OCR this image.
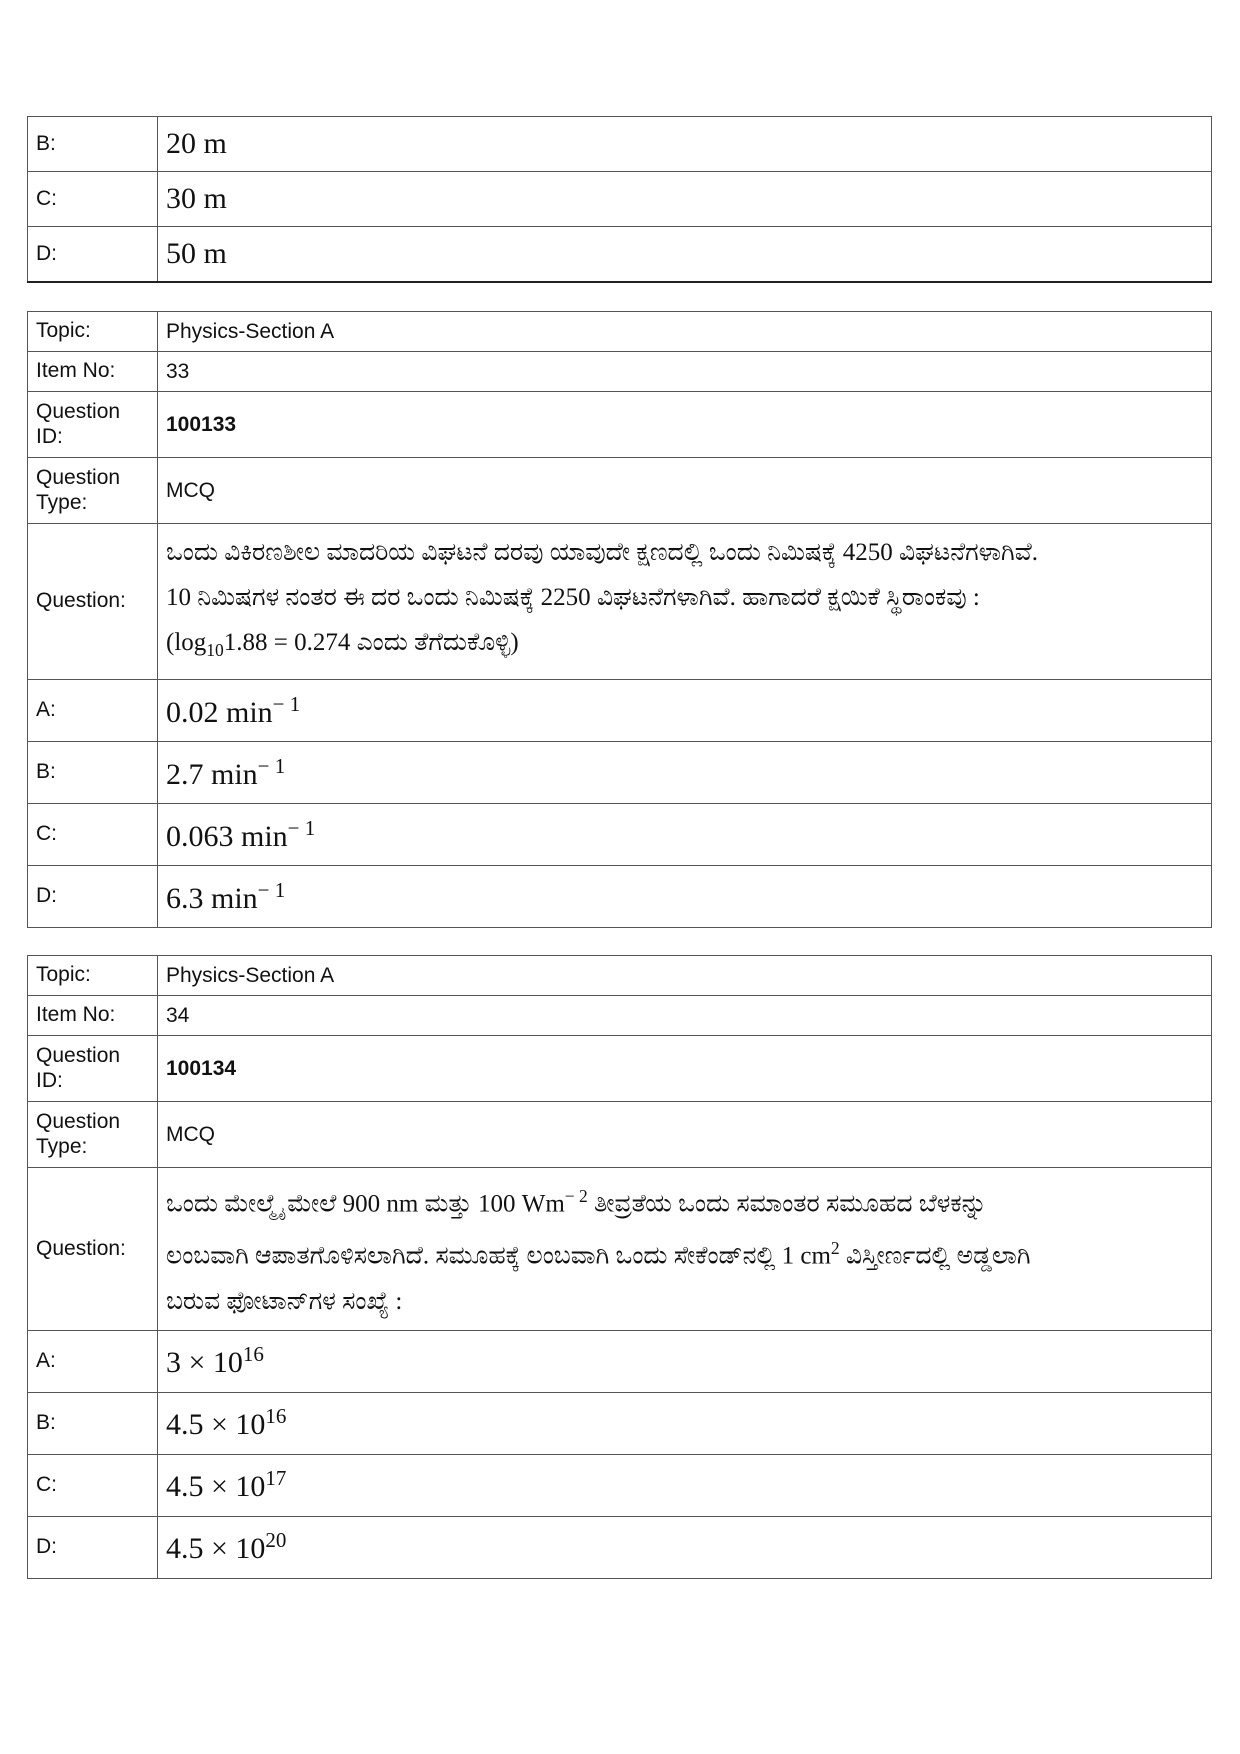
B:	20 m
C:	30 m
D:	50 m
Topic:	Physics-Section A
Item No:	33
Question ID:	100133
Question Type:	MCQ
Question:	ಒಂದು ವಿಕಿರಣಶೀಲ ಮಾದರಿಯ ವಿಘಟನೆ ದರವು ಯಾವುದೇ ಕ್ಷಣದಲ್ಲಿ ಒಂದು ನಿಮಿಷಕ್ಕೆ 4250 ವಿಘಟನೆಗಳಾಗಿವೆ.
10 ನಿಮಿಷಗಳ ನಂತರ ಈ ದರ ಒಂದು ನಿಮಿಷಕ್ಕೆ 2250 ವಿಘಟನೆಗಳಾಗಿವೆ. ಹಾಗಾದರೆ ಕ್ಷಯಿಕೆ ಸ್ಥಿರಾಂಕವು :
($\log_{10}1.88 = 0.274$ ಎಂದು ತೆಗೆದುಕೊಳ್ಳಿ)

A:	0.02 $\min^{- 1}$
B:	2.7 $\min^{- 1}$
C:	0.063 $\min^{- 1}$
D:	6.3 $\min^{- 1}$
Topic:	Physics-Section A
Item No:	34
Question ID:	100134
Question Type:	MCQ
Question:	ಒಂದು ಮೇಲ್ಮೈ ಮೇಲೆ 900 nm ಮತ್ತು 100 $Wm^{- 2}$ ತೀವ್ರತೆಯ ಒಂದು ಸಮಾಂತರ ಸಮೂಹದ ಬೆಳಕನ್ನು
ಲಂಬವಾಗಿ ಆಪಾತಗೊಳಿಸಲಾಗಿದೆ. ಸಮೂಹಕ್ಕೆ ಲಂಬವಾಗಿ ಒಂದು ಸೇಕೆಂಡ್‌ನಲ್ಲಿ 1 $cm^2$ ವಿಸ್ತೀರ್ಣದಲ್ಲಿ ಅಡ್ಡಲಾಗಿ
ಬರುವ ಫೋಟಾನ್‌ಗಳ ಸಂಖ್ಯೆ :

A:	$3 \times 10^{16}$
B:	$4.5 \times 10^{16}$
C:	$4.5 \times 10^{17}$
D:	$4.5 \times 10^{20}$
